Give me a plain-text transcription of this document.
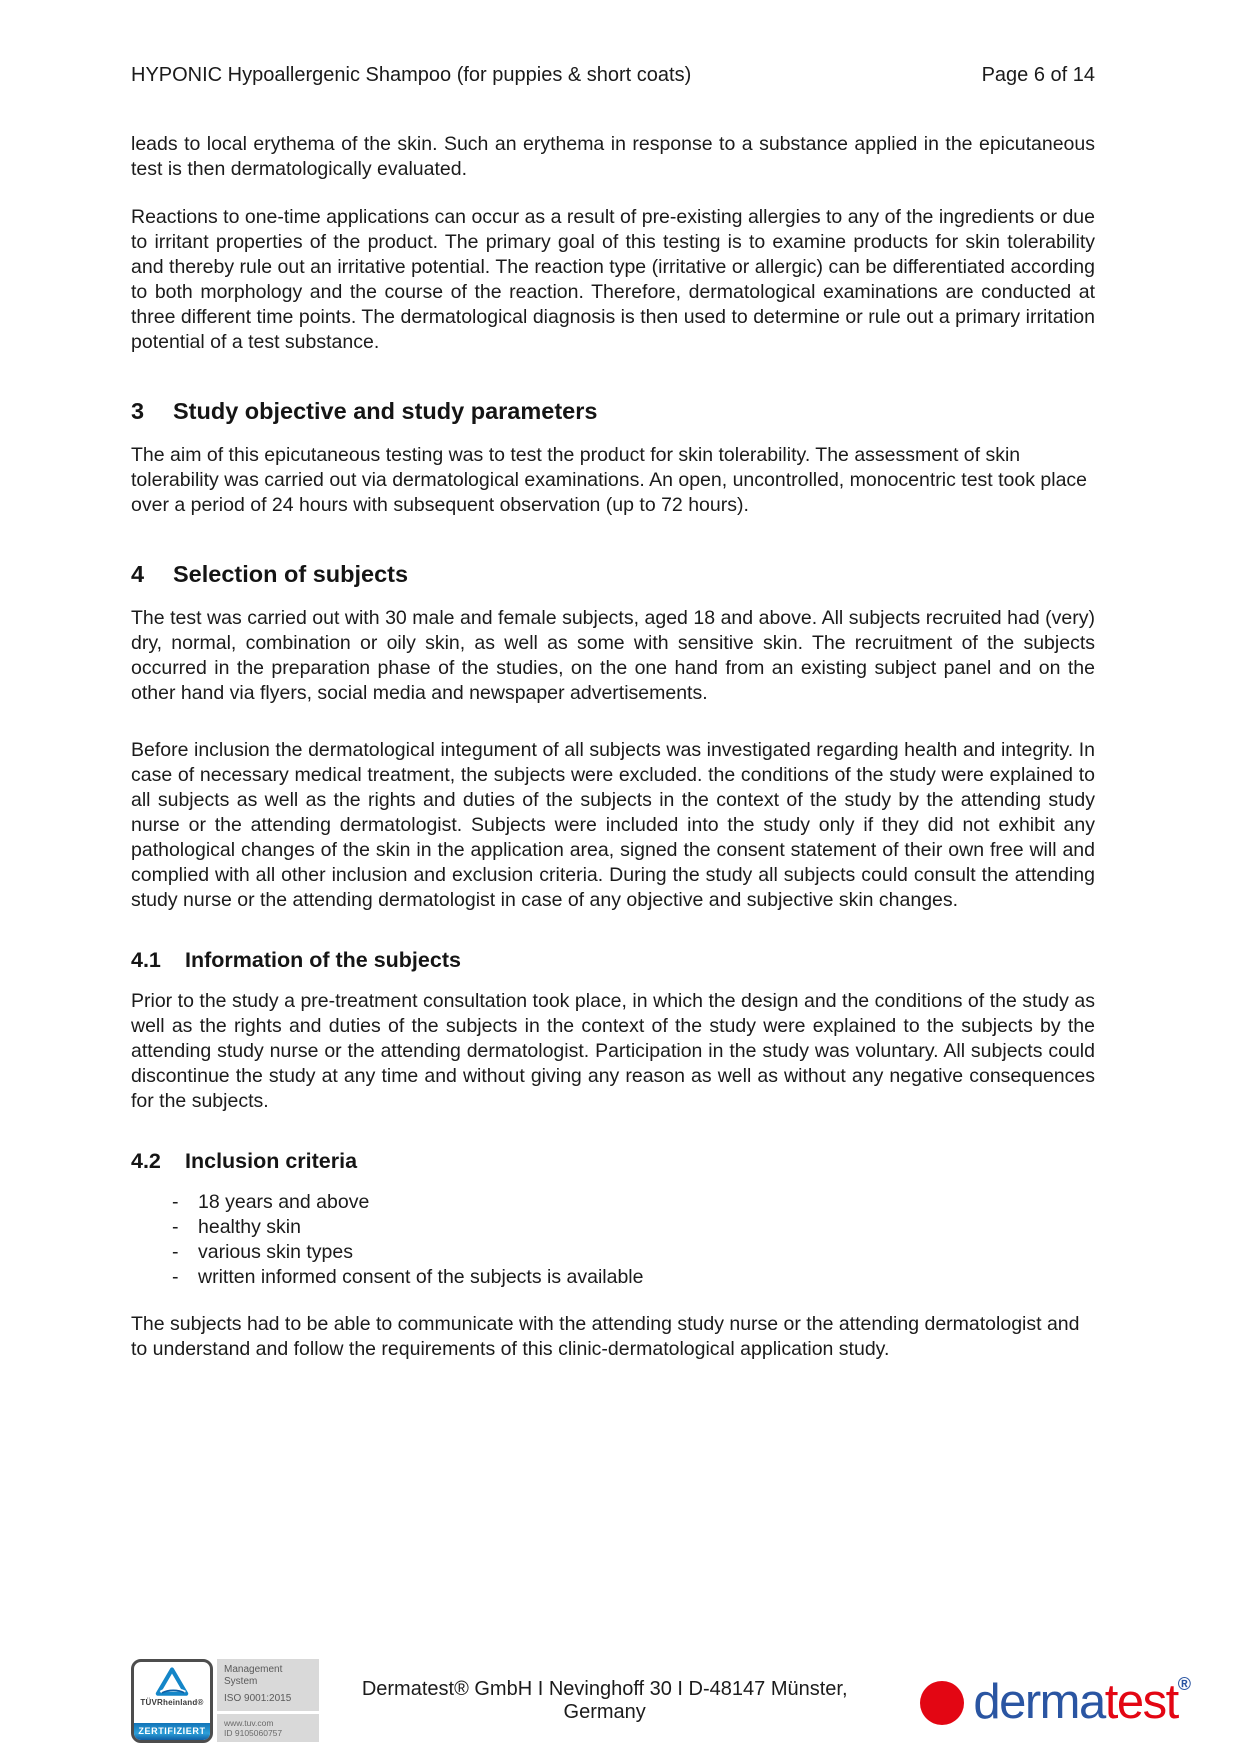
HYPONIC Hypoallergenic Shampoo (for puppies & short coats)	Page 6 of 14

leads to local erythema of the skin. Such an erythema in response to a substance applied in the epicutaneous test is then dermatologically evaluated.

Reactions to one-time applications can occur as a result of pre-existing allergies to any of the ingredients or due to irritant properties of the product. The primary goal of this testing is to examine products for skin tolerability and thereby rule out an irritative potential. The reaction type (irritative or allergic) can be differentiated according to both morphology and the course of the reaction. Therefore, dermatological examinations are conducted at three different time points. The dermatological diagnosis is then used to determine or rule out a primary irritation potential of a test substance.

3	Study objective and study parameters

The aim of this epicutaneous testing was to test the product for skin tolerability. The assessment of skin tolerability was carried out via dermatological examinations. An open, uncontrolled, monocentric test took place over a period of 24 hours with subsequent observation (up to 72 hours).

4	Selection of subjects

The test was carried out with 30 male and female subjects, aged 18 and above. All subjects recruited had (very) dry, normal, combination or oily skin, as well as some with sensitive skin. The recruitment of the subjects occurred in the preparation phase of the studies, on the one hand from an existing subject panel and on the other hand via flyers, social media and newspaper advertisements.

Before inclusion the dermatological integument of all subjects was investigated regarding health and integrity. In case of necessary medical treatment, the subjects were excluded. the conditions of the study were explained to all subjects as well as the rights and duties of the subjects in the context of the study by the attending study nurse or the attending dermatologist. Subjects were included into the study only if they did not exhibit any pathological changes of the skin in the application area, signed the consent statement of their own free will and complied with all other inclusion and exclusion criteria. During the study all subjects could consult the attending study nurse or the attending dermatologist in case of any objective and subjective skin changes.

4.1	Information of the subjects

Prior to the study a pre-treatment consultation took place, in which the design and the conditions of the study as well as the rights and duties of the subjects in the context of the study were explained to the subjects by the attending study nurse or the attending dermatologist. Participation in the study was voluntary. All subjects could discontinue the study at any time and without giving any reason as well as without any negative consequences for the subjects.

4.2	Inclusion criteria
-	18 years and above
-	healthy skin
-	various skin types
-	written informed consent of the subjects is available

The subjects had to be able to communicate with the attending study nurse or the attending dermatologist and to understand and follow the requirements of this clinic-dermatological application study.

TÜVRheinland®
ZERTIFIZIERT
Management System
ISO 9001:2015
www.tuv.com
ID 9105060757
Dermatest® GmbH I Nevinghoff 30 I D-48147 Münster, Germany	dermatest®
